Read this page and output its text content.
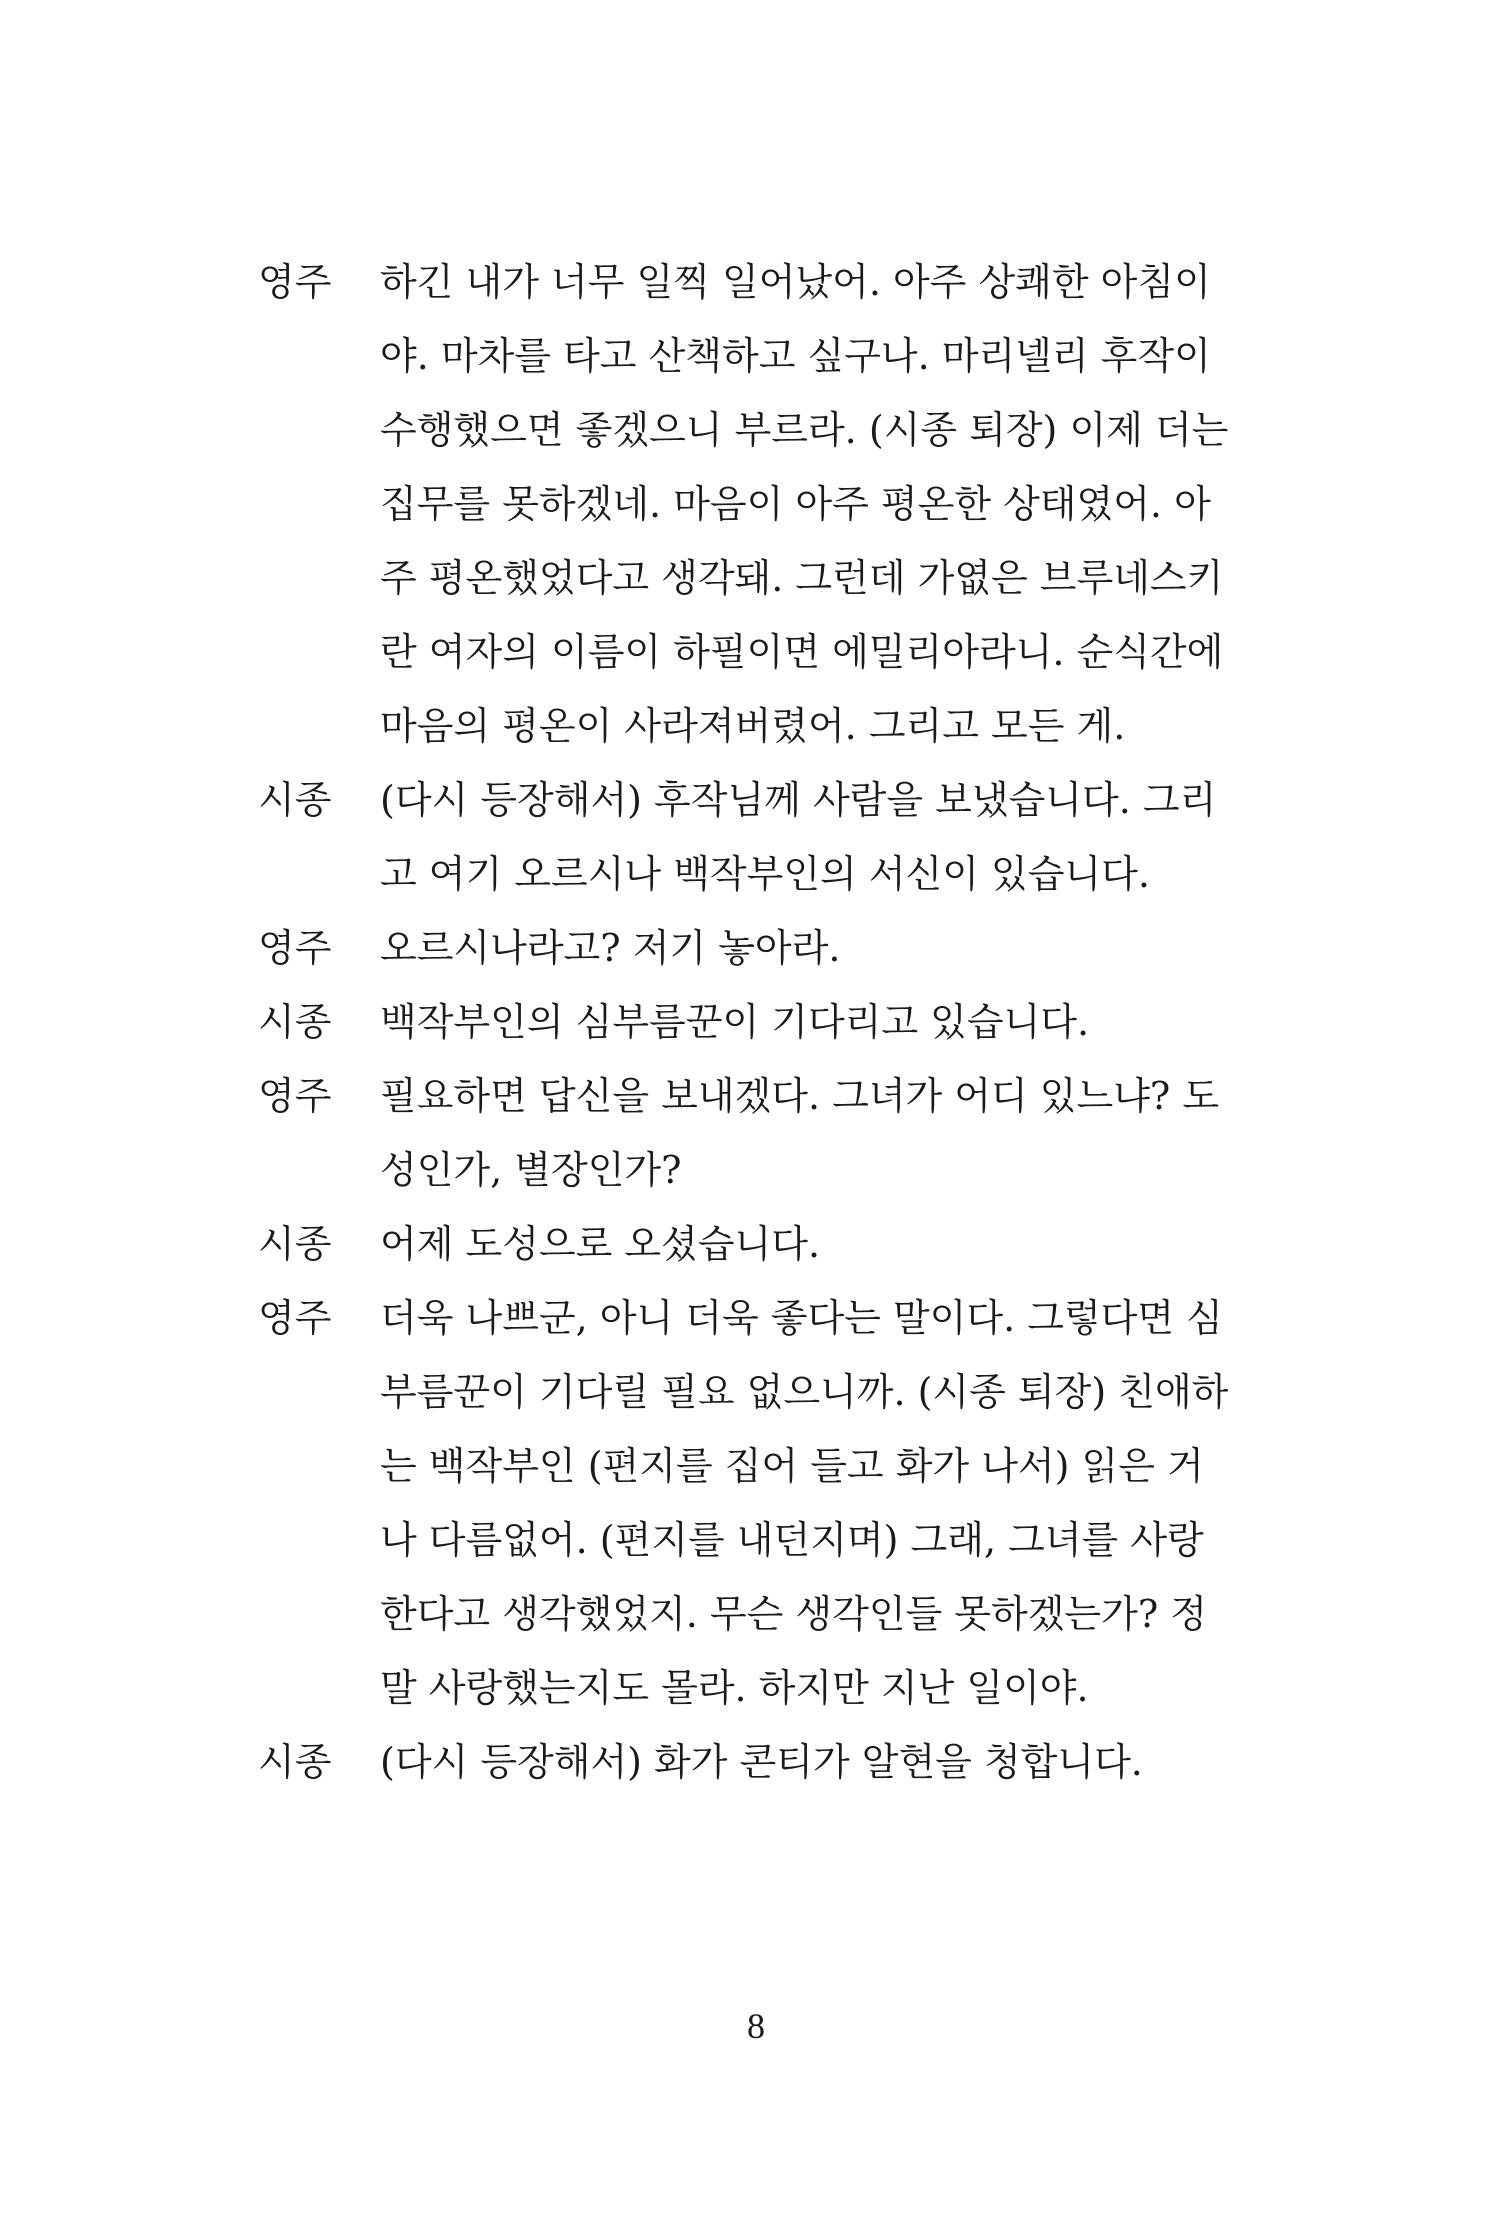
영주	하긴 내가 너무 일찍 일어났어. 아주 상쾌한 아침이
야. 마차를 타고 산책하고 싶구나. 마리넬리 후작이
수행했으면 좋겠으니 부르라. (시종 퇴장) 이제 더는
집무를 못하겠네. 마음이 아주 평온한 상태였어. 아
주 평온했었다고 생각돼. 그런데 가엾은 브루네스키
란 여자의 이름이 하필이면 에밀리아라니. 순식간에
마음의 평온이 사라져버렸어. 그리고 모든 게.
시종	(다시 등장해서) 후작님께 사람을 보냈습니다. 그리
고 여기 오르시나 백작부인의 서신이 있습니다.
영주	오르시나라고? 저기 놓아라.
시종	백작부인의 심부름꾼이 기다리고 있습니다.
영주	필요하면 답신을 보내겠다. 그녀가 어디 있느냐? 도
성인가, 별장인가?
시종	어제 도성으로 오셨습니다.
영주	더욱 나쁘군, 아니 더욱 좋다는 말이다. 그렇다면 심
부름꾼이 기다릴 필요 없으니까. (시종 퇴장) 친애하
는 백작부인 (편지를 집어 들고 화가 나서) 읽은 거
나 다름없어. (편지를 내던지며) 그래, 그녀를 사랑
한다고 생각했었지. 무슨 생각인들 못하겠는가? 정
말 사랑했는지도 몰라. 하지만 지난 일이야.
시종	(다시 등장해서) 화가 콘티가 알현을 청합니다.
8
